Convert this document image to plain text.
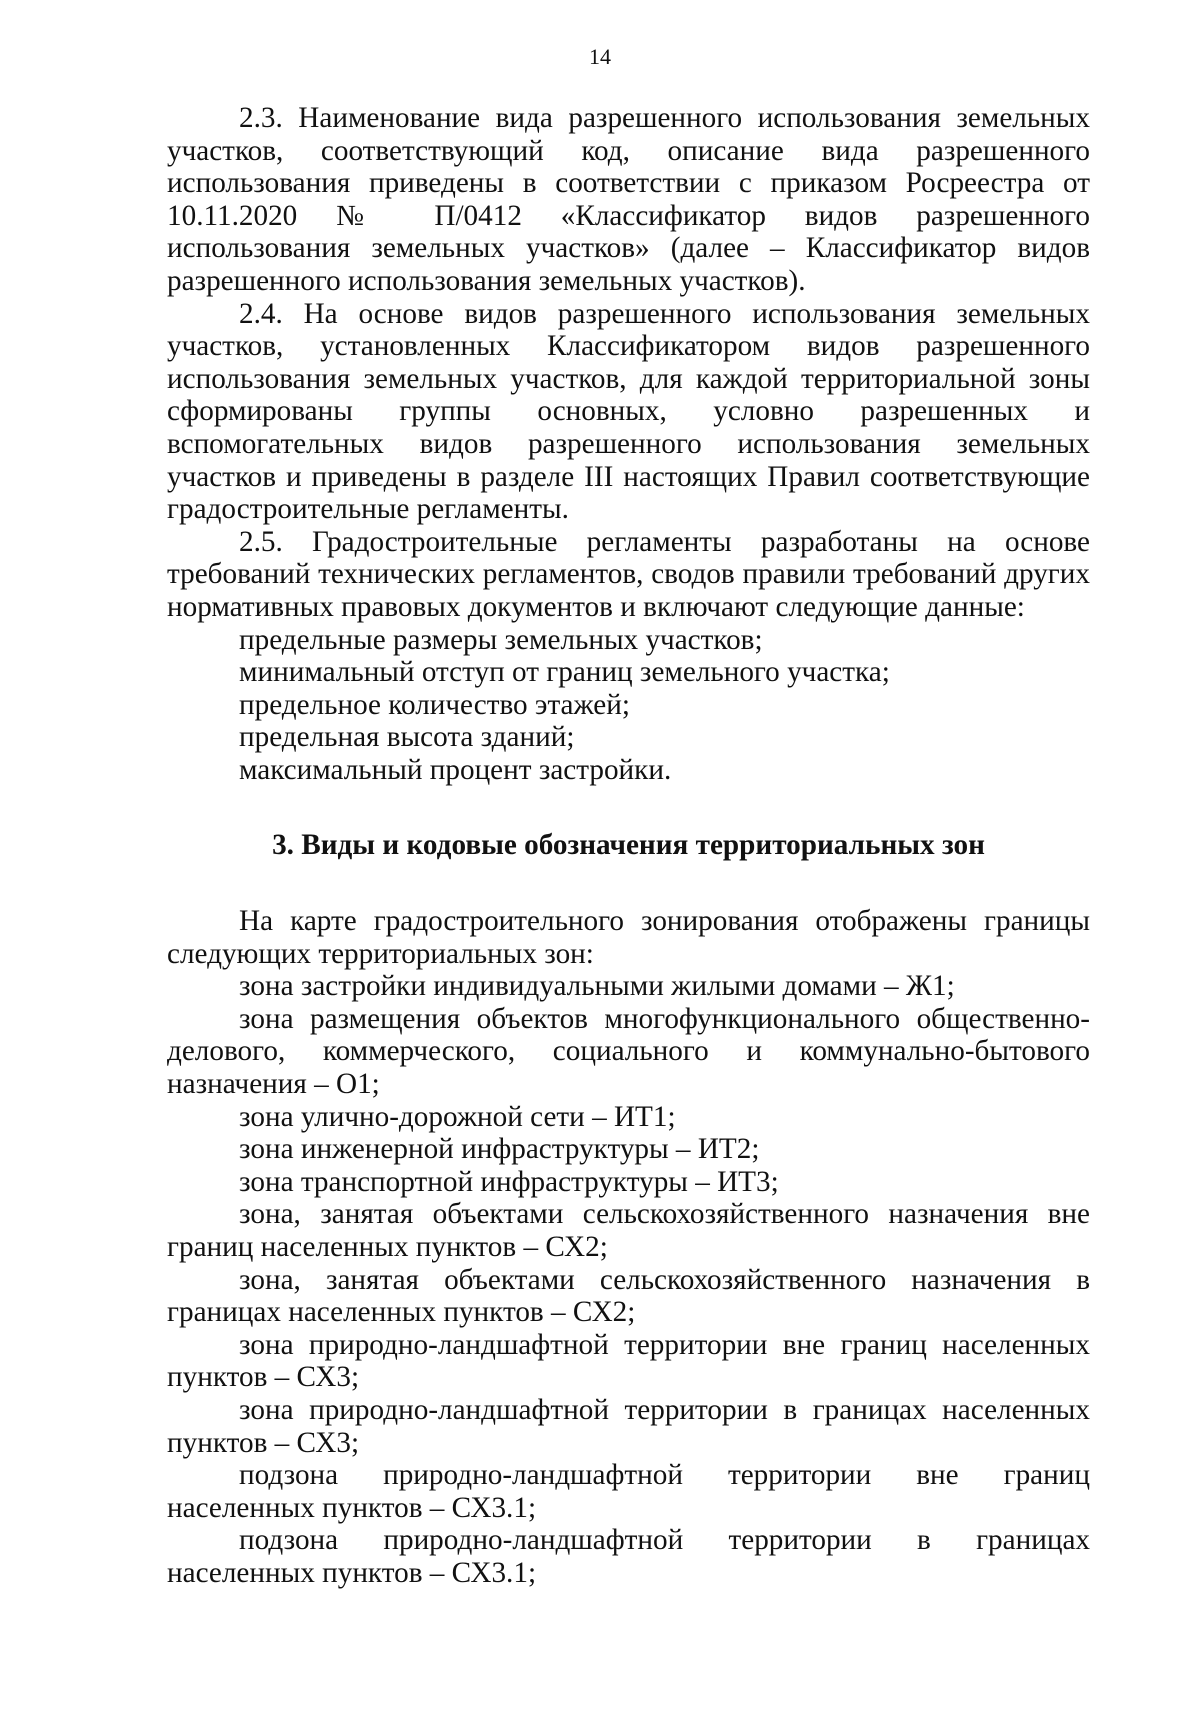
14

2.3. Наименование вида разрешенного использования земельных участков, соответствующий код, описание вида разрешенного использования приведены в соответствии с приказом Росреестра от 10.11.2020 № П/0412 «Классификатор видов разрешенного использования земельных участков» (далее – Классификатор видов разрешенного использования земельных участков).

2.4. На основе видов разрешенного использования земельных участков, установленных Классификатором видов разрешенного использования земельных участков, для каждой территориальной зоны сформированы группы основных, условно разрешенных и вспомогательных видов разрешенного использования земельных участков и приведены в разделе III настоящих Правил соответствующие градостроительные регламенты.

2.5. Градостроительные регламенты разработаны на основе требований технических регламентов, сводов правили требований других нормативных правовых документов и включают следующие данные:

предельные размеры земельных участков;

минимальный отступ от границ земельного участка;

предельное количество этажей;

предельная высота зданий;

максимальный процент застройки.

3. Виды и кодовые обозначения территориальных зон

На карте градостроительного зонирования отображены границы следующих территориальных зон:

зона застройки индивидуальными жилыми домами – Ж1;

зона размещения объектов многофункционального общественно-делового, коммерческого, социального и коммунально-бытового назначения – О1;

зона улично-дорожной сети – ИТ1;

зона инженерной инфраструктуры – ИТ2;

зона транспортной инфраструктуры – ИТ3;

зона, занятая объектами сельскохозяйственного назначения вне границ населенных пунктов – СХ2;

зона, занятая объектами сельскохозяйственного назначения в границах населенных пунктов – СХ2;

зона природно-ландшафтной территории вне границ населенных пунктов – СХ3;

зона природно-ландшафтной территории в границах населенных пунктов – СХ3;

подзона природно-ландшафтной территории вне границ населенных пунктов – СХ3.1;

подзона природно-ландшафтной территории в границах населенных пунктов – СХ3.1;
